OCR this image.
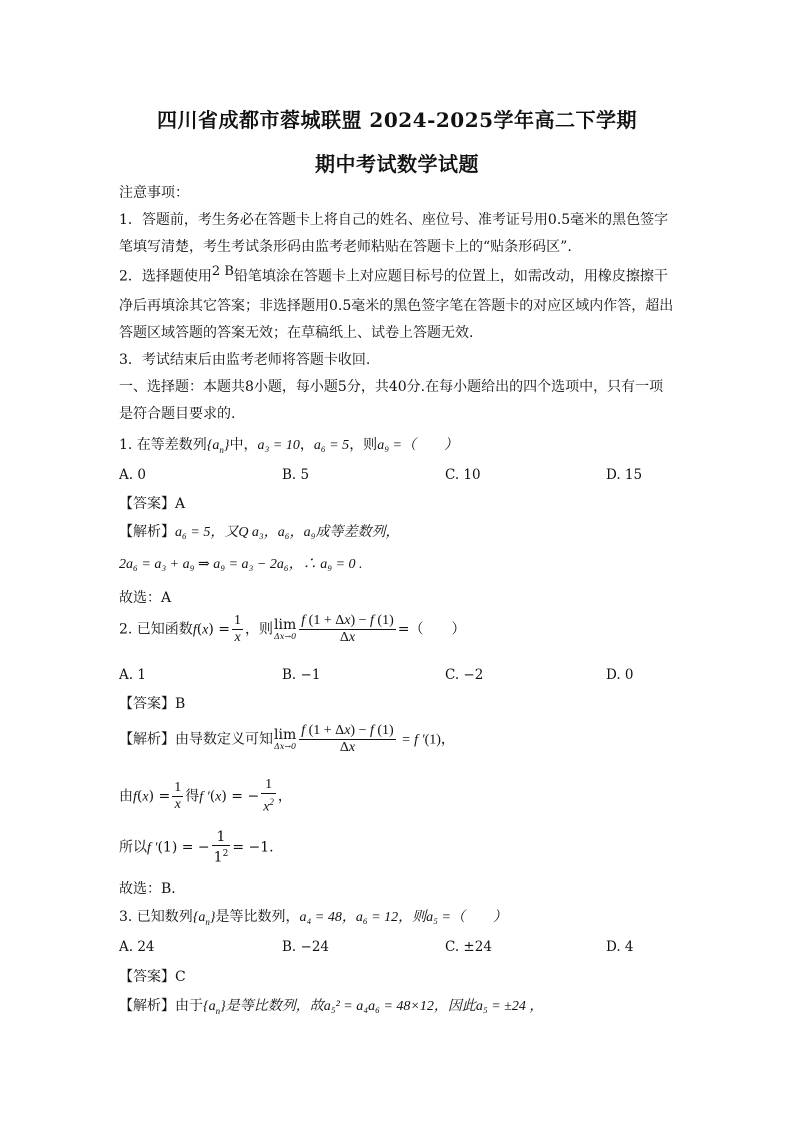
四川省成都市蓉城联盟 2024-2025学年高二下学期
期中考试数学试题
注意事项：
1．答题前，考生务必在答题卡上将自己的姓名、座位号、准考证号用0.5毫米的黑色签字
笔填写清楚，考生考试条形码由监考老师粘贴在答题卡上的“贴条形码区”.
2．选择题使用$^{2 B}$铅笔填涂在答题卡上对应题目标号的位置上，如需改动，用橡皮擦擦干
净后再填涂其它答案；非选择题用0.5毫米的黑色签字笔在答题卡的对应区域内作答，超出
答题区域答题的答案无效；在草稿纸上、试卷上答题无效.
3．考试结束后由监考老师将答题卡收回.
一、选择题：本题共8小题，每小题5分，共40分.在每小题给出的四个选项中，只有一项
是符合题目要求的.
1. 在等差数列$\{a_n\}$中，a₃ = 10，a₆ = 5，则a₉ =（　　）
A. 0	B. 5	C. 10	D. 15
【答案】A
【解析】a₆ = 5，又Q a₃，a₆，a₉成等差数列，
2a₆ = a₃ + a₉ ⇒ a₉ = a₃ − 2a₆，∴ a₉ = 0 .
故选：A
2. 已知函数$f(x) = \frac{1}{x}$ ，则 lim
$\Delta x\to 0 \frac{f (1 + \Delta x) - f (1)}{\Delta x}$ =（　　）
A. 1	B. −1	C. −2	D. 0
【答案】B
【解析】由导数定义可知 lim
$\Delta x\to 0 \frac{f (1 + \Delta x) - f (1)}{\Delta x} = f$ ′(1)，
由$f(x) = \frac{1}{x}$ 得f ′(x) = − $\frac{1}{x^2}$ ，
所以f ′(1) = − $\frac{1}{1^2} = -1$.
故选：B．
3. 已知数列$\{a_n\}$是等比数列，a₄ = 48，a₆ = 12，则a₅ =（　　）
A. 24	B. −24	C. ±24	D. 4
【答案】C
【解析】由于$\{a_n\}$是等比数列，故a₅² = a₄a₆ = 48×12，因此a₅ = ±24 ，
